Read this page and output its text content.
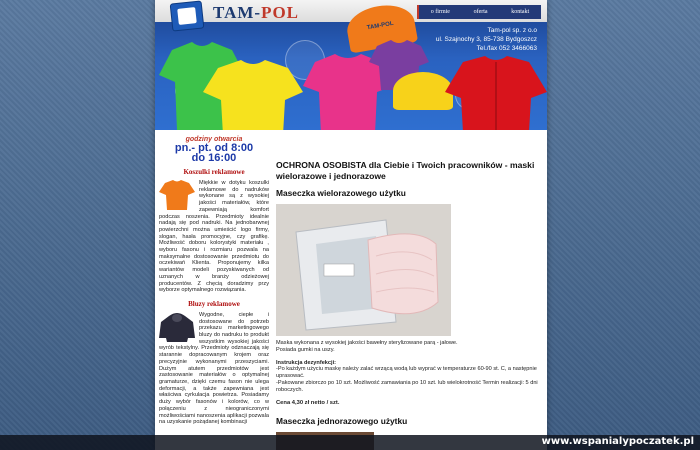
TAM-POL	o firmie	oferta	kontakt
TAM-POL	Tam-pol sp. z o.o
ul. Szajnochy 3, 85-738 Bydgoszcz
Tel./fax 052 3466063
godziny otwarcia
pn.- pt. od 8:00
do 16:00
Koszulki reklamowe
Miękkie w dotyku koszulki reklamowe do nadruków wykonane są z wysokiej jakości materiałów, które zapewniają komfort podczas noszenia. Przedmioty idealnie nadają się pod nadruki. Na jednobarwnej powierzchni można umieścić logo firmy, slogan, hasła promocyjne, czy grafikę. Możliwość doboru kolorystyki materiału , wyboru fasonu i rozmiaru pozwala na maksymalne dostosowanie przedmiotu do oczekiwań Klienta. Proponujemy kilka wariantów modeli pozyskiwanych od uznanych w branży odzieżowej producentów. Z chęcią doradzimy przy wyborze optymalnego rozwiązania.
Bluzy reklamowe
Wygodne, ciepłe i dostosowane do potrzeb przekazu marketingowego bluzy do nadruku to produkt wszystkim wysokiej jakości wyrób tekstylny. Przedmioty odznaczają się starannie dopracowanym krojem oraz precyzyjnie wykonanymi przeszyciami. Dużym atutem przedmiotów jest zastosowanie materiałów o optymalnej gramaturze, dzięki czemu fason nie ulega deformacji, a także zapewniana jest właściwa cyrkulacja powietrza. Posiadamy duży wybór fasonów i kolorów, co w połączeniu z nieograniczonymi możliwościami nanoszenia aplikacji pozwala na uzyskanie pożądanej kombinacji
OCHRONA OSOBISTA dla Ciebie i Twoich pracowników - maski wielorazowe i jednorazowe
Maseczka wielorazowego użytku
Maska wykonana z wysokiej jakości bawełny sterylizowane parą - jałowe.
Posiada gumki na uszy.
Instrukcja dezynfekcji:
-Po każdym użyciu maskę należy zalać wrzącą wodą lub wyprać w temperaturze 60-90 st. C, a następnie uprasować.
-Pakowane zbiorczo po 10 szt. Możliwość zamawiania po 10 szt. lub wielokrotność Termin realizacji: 5 dni roboczych.
Cena 4,30 zł netto / szt.
Maseczka jednorazowego użytku
www.wspanialypoczatek.pl
